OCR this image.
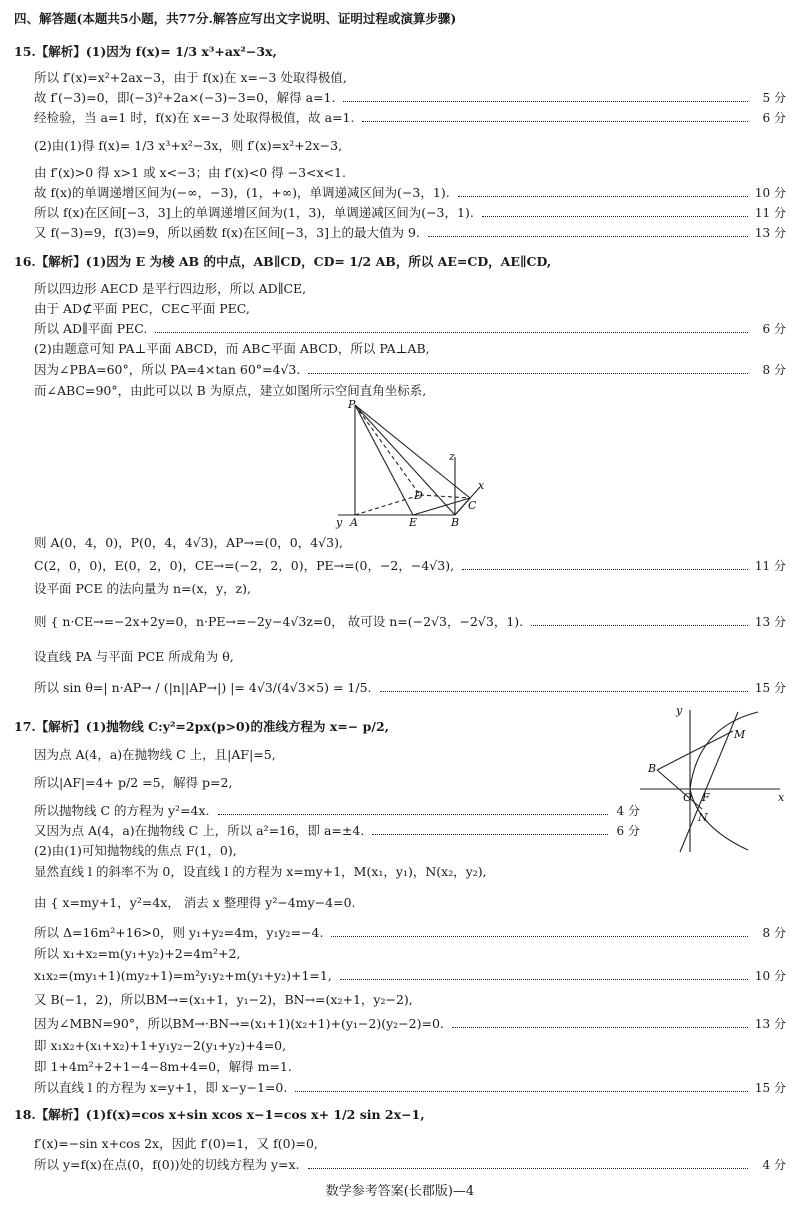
四、解答题(本题共5小题，共77分.解答应写出文字说明、证明过程或演算步骤)
15.【解析】(1)因为 f(x)= 1/3 x³+ax²−3x,
所以 f′(x)=x²+2ax−3，由于 f(x)在 x=−3 处取得极值,
故 f′(−3)=0，即(−3)²+2a×(−3)−3=0，解得 a=1.	5 分
经检验，当 a=1 时，f(x)在 x=−3 处取得极值，故 a=1.	6 分
(2)由(1)得 f(x)= 1/3 x³+x²−3x，则 f′(x)=x²+2x−3,
由 f′(x)>0 得 x>1 或 x<−3；由 f′(x)<0 得 −3<x<1.
故 f(x)的单调递增区间为(−∞，−3)，(1，+∞)，单调递减区间为(−3，1).	10 分
所以 f(x)在区间[−3，3]上的单调递增区间为(1，3)，单调递减区间为(−3，1).	11 分
又 f(−3)=9，f(3)=9，所以函数 f(x)在区间[−3，3]上的最大值为 9.	13 分
16.【解析】(1)因为 E 为棱 AB 的中点，AB∥CD，CD= 1/2 AB，所以 AE=CD，AE∥CD,
所以四边形 AECD 是平行四边形，所以 AD∥CE,
由于 AD⊄平面 PEC，CE⊂平面 PEC,
所以 AD∥平面 PEC.	6 分
(2)由题意可知 PA⊥平面 ABCD，而 AB⊂平面 ABCD，所以 PA⊥AB,
因为∠PBA=60°，所以 PA=4×tan 60°=4√3.	8 分
而∠ABC=90°，由此可以以 B 为原点，建立如图所示空间直角坐标系,
则 A(0，4，0)，P(0，4，4√3)，AP→=(0，0，4√3),
C(2，0，0)，E(0，2，0)，CE→=(−2，2，0)，PE→=(0，−2，−4√3),	11 分
设平面 PCE 的法向量为 n=(x，y，z),
则 { n·CE→=−2x+2y=0，n·PE→=−2y−4√3z=0， 故可设 n=(−2√3，−2√3，1).	13 分
设直线 PA 与平面 PCE 所成角为 θ,
所以 sin θ=| n·AP→ / (|n||AP→|) |= 4√3/(4√3×5) = 1/5.	15 分
17.【解析】(1)抛物线 C:y²=2px(p>0)的准线方程为 x=− p/2,
因为点 A(4，a)在抛物线 C 上，且|AF|=5,
所以|AF|=4+ p/2 =5，解得 p=2,
所以抛物线 C 的方程为 y²=4x.	4 分
又因为点 A(4，a)在抛物线 C 上，所以 a²=16，即 a=±4.	6 分
(2)由(1)可知抛物线的焦点 F(1，0),
显然直线 l 的斜率不为 0，设直线 l 的方程为 x=my+1，M(x₁，y₁)，N(x₂，y₂),
由 { x=my+1，y²=4x， 消去 x 整理得 y²−4my−4=0.
所以 Δ=16m²+16>0，则 y₁+y₂=4m，y₁y₂=−4.	8 分
所以 x₁+x₂=m(y₁+y₂)+2=4m²+2,
x₁x₂=(my₁+1)(my₂+1)=m²y₁y₂+m(y₁+y₂)+1=1,	10 分
又 B(−1，2)，所以BM→=(x₁+1，y₁−2)，BN→=(x₂+1，y₂−2),
因为∠MBN=90°，所以BM→·BN→=(x₁+1)(x₂+1)+(y₁−2)(y₂−2)=0.	13 分
即 x₁x₂+(x₁+x₂)+1+y₁y₂−2(y₁+y₂)+4=0,
即 1+4m²+2+1−4−8m+4=0，解得 m=1.
所以直线 l 的方程为 x=y+1，即 x−y−1=0.	15 分
18.【解析】(1)f(x)=cos x+sin xcos x−1=cos x+ 1/2 sin 2x−1,
f′(x)=−sin x+cos 2x，因此 f′(0)=1，又 f(0)=0,
所以 y=f(x)在点(0，f(0))处的切线方程为 y=x.	4 分
P
z
x
D
C
y A	E	B
y
M
B
O F	x
N
数学参考答案(长郡版)—4
